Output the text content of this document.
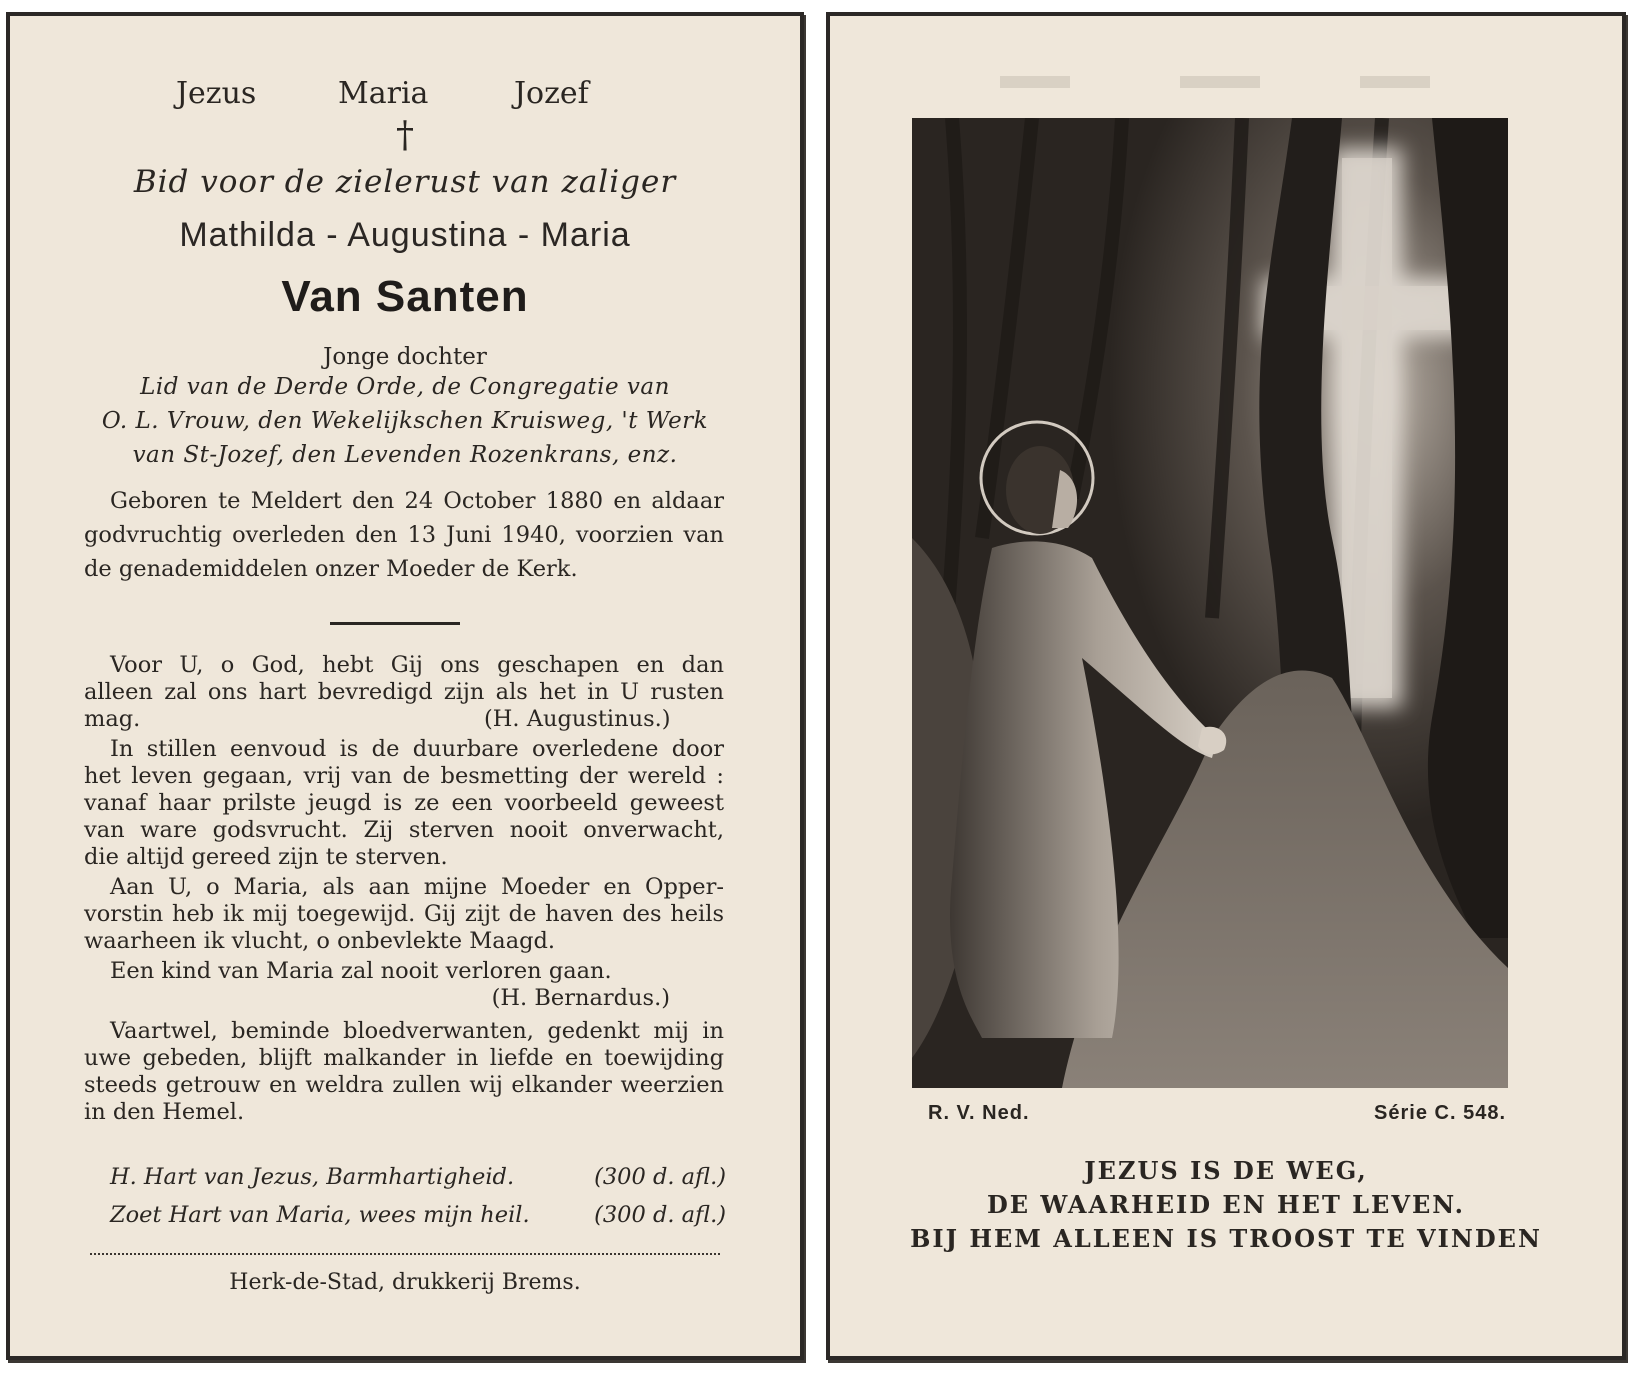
Jezus	Maria	Jozef
†
Bid voor de zielerust van zaliger
Mathilda - Augustina - Maria
Van Santen
Jonge dochter
Lid van de Derde Orde, de Congregatie van
O. L. Vrouw, den Wekelijkschen Kruisweg, 't Werk
van St-Jozef, den Levenden Rozenkrans, enz.
Geboren te Meldert den 24 October 1880 en aldaar
godvruchtig overleden den 13 Juni 1940, voorzien van
de genademiddelen onzer Moeder de Kerk.
Voor U, o God, hebt Gij ons geschapen en dan
alleen zal ons hart bevredigd zijn als het in U rusten
mag.	(H. Augustinus.)
In stillen eenvoud is de duurbare overledene door
het leven gegaan, vrij van de besmetting der wereld :
vanaf haar prilste jeugd is ze een voorbeeld geweest
van ware godsvrucht. Zij sterven nooit onverwacht,
die altijd gereed zijn te sterven.
Aan U, o Maria, als aan mijne Moeder en Opper-
vorstin heb ik mij toegewijd. Gij zijt de haven des heils
waarheen ik vlucht, o onbevlekte Maagd.
Een kind van Maria zal nooit verloren gaan.
(H. Bernardus.)
Vaartwel, beminde bloedverwanten, gedenkt mij in
uwe gebeden, blijft malkander in liefde en toewijding
steeds getrouw en weldra zullen wij elkander weerzien
in den Hemel.
H. Hart van Jezus, Barmhartigheid.	(300 d. afl.)
Zoet Hart van Maria, wees mijn heil.	(300 d. afl.)
Herk-de-Stad, drukkerij Brems.
R. V. Ned.	Série C. 548.
JEZUS IS DE WEG,
DE WAARHEID EN HET LEVEN.
BIJ HEM ALLEEN IS TROOST TE VINDEN
